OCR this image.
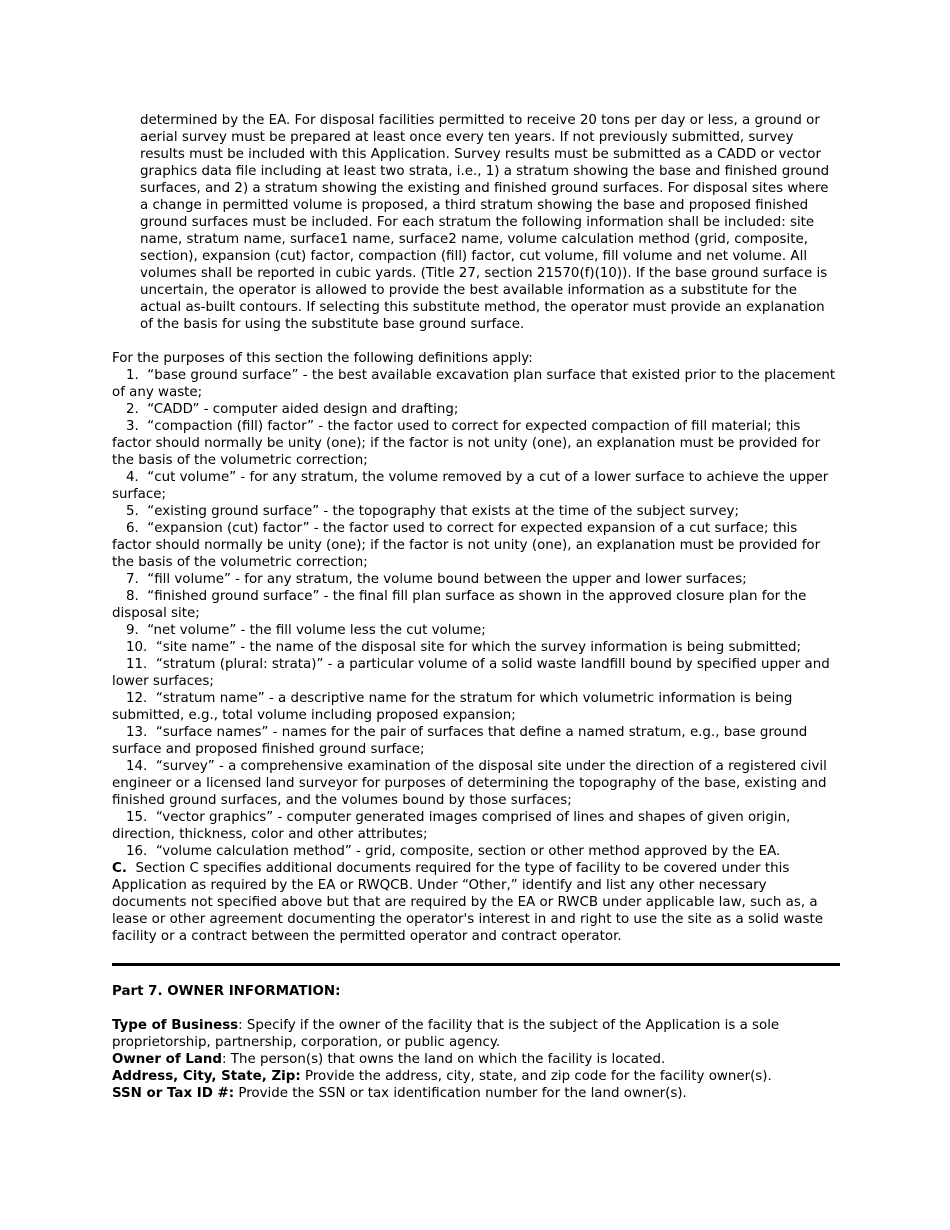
determined by the EA. For disposal facilities permitted to receive 20 tons per day or less, a ground or aerial survey must be prepared at least once every ten years. If not previously submitted, survey results must be included with this Application. Survey results must be submitted as a CADD or vector graphics data file including at least two strata, i.e., 1) a stratum showing the base and finished ground surfaces, and 2) a stratum showing the existing and finished ground surfaces. For disposal sites where a change in permitted volume is proposed, a third stratum showing the base and proposed finished ground surfaces must be included. For each stratum the following information shall be included: site name, stratum name, surface1 name, surface2 name, volume calculation method (grid, composite, section), expansion (cut) factor, compaction (fill) factor, cut volume, fill volume and net volume. All volumes shall be reported in cubic yards. (Title 27, section 21570(f)(10)). If the base ground surface is uncertain, the operator is allowed to provide the best available information as a substitute for the actual as-built contours. If selecting this substitute method, the operator must provide an explanation of the basis for using the substitute base ground surface.

For the purposes of this section the following definitions apply:

1. “base ground surface” - the best available excavation plan surface that existed prior to the placement of any waste;

2. “CADD” - computer aided design and drafting;

3. “compaction (fill) factor” - the factor used to correct for expected compaction of fill material; this factor should normally be unity (one); if the factor is not unity (one), an explanation must be provided for the basis of the volumetric correction;

4. “cut volume” - for any stratum, the volume removed by a cut of a lower surface to achieve the upper surface;

5. “existing ground surface” - the topography that exists at the time of the subject survey;

6. “expansion (cut) factor” - the factor used to correct for expected expansion of a cut surface; this factor should normally be unity (one); if the factor is not unity (one), an explanation must be provided for the basis of the volumetric correction;

7. “fill volume” - for any stratum, the volume bound between the upper and lower surfaces;

8. “finished ground surface” - the final fill plan surface as shown in the approved closure plan for the disposal site;

9. “net volume” - the fill volume less the cut volume;

10. “site name” - the name of the disposal site for which the survey information is being submitted;

11. “stratum (plural: strata)” - a particular volume of a solid waste landfill bound by specified upper and lower surfaces;

12. “stratum name” - a descriptive name for the stratum for which volumetric information is being submitted, e.g., total volume including proposed expansion;

13. “surface names” - names for the pair of surfaces that define a named stratum, e.g., base ground surface and proposed finished ground surface;

14. “survey” - a comprehensive examination of the disposal site under the direction of a registered civil engineer or a licensed land surveyor for purposes of determining the topography of the base, existing and finished ground surfaces, and the volumes bound by those surfaces;

15. “vector graphics” - computer generated images comprised of lines and shapes of given origin, direction, thickness, color and other attributes;

16. “volume calculation method” - grid, composite, section or other method approved by the EA.

C. Section C specifies additional documents required for the type of facility to be covered under this Application as required by the EA or RWQCB. Under “Other,” identify and list any other necessary documents not specified above but that are required by the EA or RWCB under applicable law, such as, a lease or other agreement documenting the operator's interest in and right to use the site as a solid waste facility or a contract between the permitted operator and contract operator.

Part 7. OWNER INFORMATION:

Type of Business: Specify if the owner of the facility that is the subject of the Application is a sole proprietorship, partnership, corporation, or public agency.

Owner of Land: The person(s) that owns the land on which the facility is located.

Address, City, State, Zip: Provide the address, city, state, and zip code for the facility owner(s).

SSN or Tax ID #: Provide the SSN or tax identification number for the land owner(s).
